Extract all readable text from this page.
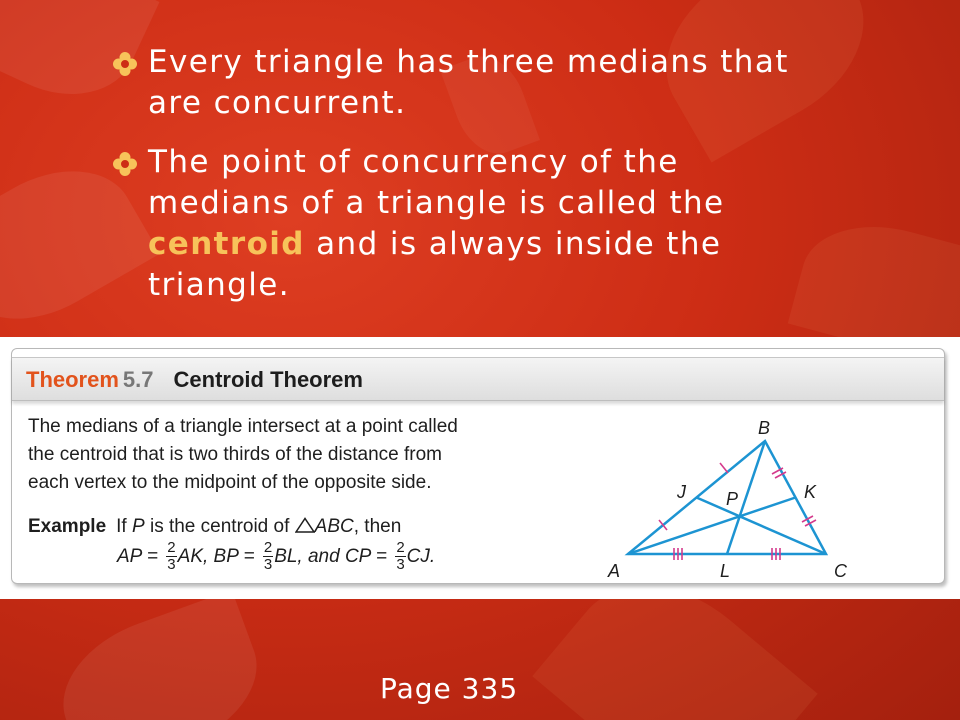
Every triangle has three medians that are concurrent.
The point of concurrency of the medians of a triangle is called the centroid and is always inside the triangle.
Theorem 5.7 Centroid Theorem
The medians of a triangle intersect at a point called
the centroid that is two thirds of the distance from
each vertex to the midpoint of the opposite side.
Example If P is the centroid of ABC, then
AP = $\frac{2}{3}$ AK, BP = $\frac{2}{3}$ BL, and CP = $\frac{2}{3}$ CJ.
B
J P	K
A	L	C
Page 335
